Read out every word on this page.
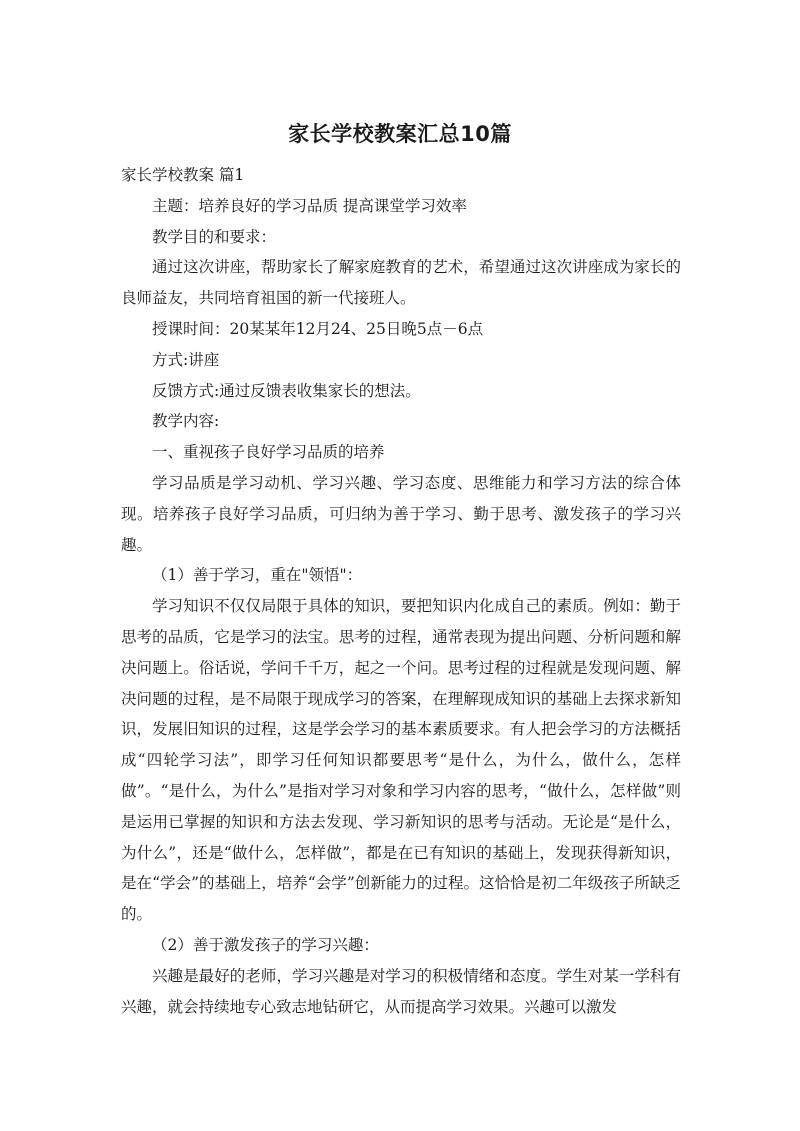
家长学校教案汇总10篇

家长学校教案 篇1

主题：培养良好的学习品质 提高课堂学习效率

教学目的和要求：

通过这次讲座，帮助家长了解家庭教育的艺术，希望通过这次讲座成为家长的良师益友，共同培育祖国的新一代接班人。

授课时间：20某某年12月24、25日晚5点－6点

方式:讲座

反馈方式:通过反馈表收集家长的想法。

教学内容:

一、重视孩子良好学习品质的培养

学习品质是学习动机、学习兴趣、学习态度、思维能力和学习方法的综合体现。培养孩子良好学习品质，可归纳为善于学习、勤于思考、激发孩子的学习兴趣。

（1）善于学习，重在"领悟"：

学习知识不仅仅局限于具体的知识，要把知识内化成自己的素质。例如：勤于思考的品质，它是学习的法宝。思考的过程，通常表现为提出问题、分析问题和解决问题上。俗话说，学问千千万，起之一个问。思考过程的过程就是发现问题、解决问题的过程，是不局限于现成学习的答案，在理解现成知识的基础上去探求新知识，发展旧知识的过程，这是学会学习的基本素质要求。有人把会学习的方法概括成“四轮学习法”，即学习任何知识都要思考“是什么，为什么，做什么，怎样做”。“是什么，为什么”是指对学习对象和学习内容的思考，“做什么，怎样做”则是运用已掌握的知识和方法去发现、学习新知识的思考与活动。无论是“是什么，为什么”，还是“做什么，怎样做”，都是在已有知识的基础上，发现获得新知识，是在“学会”的基础上，培养“会学”创新能力的过程。这恰恰是初二年级孩子所缺乏的。

（2）善于激发孩子的学习兴趣：

兴趣是最好的老师，学习兴趣是对学习的积极情绪和态度。学生对某一学科有兴趣，就会持续地专心致志地钻研它，从而提高学习效果。兴趣可以激发
